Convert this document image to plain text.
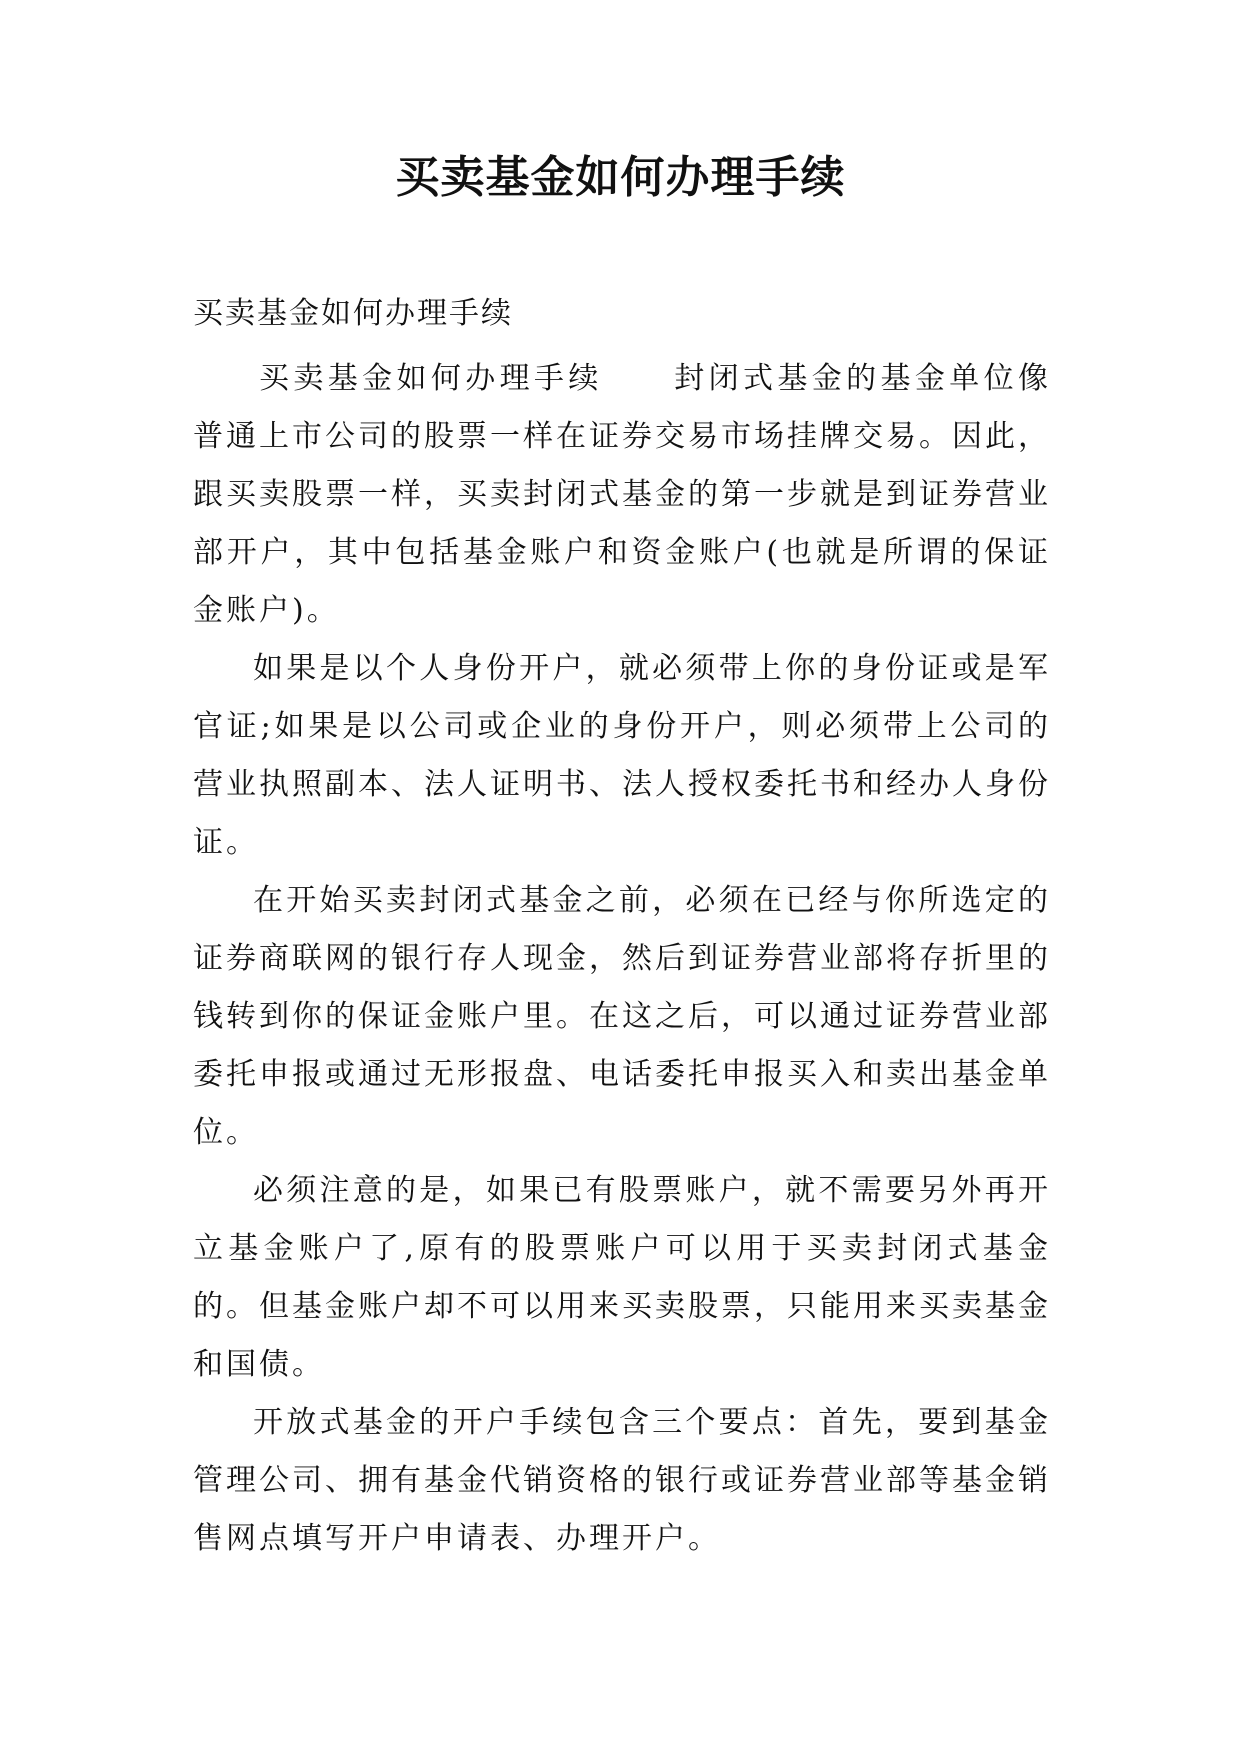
买卖基金如何办理手续

买卖基金如何办理手续

买卖基金如何办理手续 封闭式基金的基金单位像普通上市公司的股票一样在证券交易市场挂牌交易。因此，跟买卖股票一样，买卖封闭式基金的第一步就是到证券营业部开户，其中包括基金账户和资金账户(也就是所谓的保证金账户)。

如果是以个人身份开户，就必须带上你的身份证或是军官证;如果是以公司或企业的身份开户，则必须带上公司的营业执照副本、法人证明书、法人授权委托书和经办人身份证。

在开始买卖封闭式基金之前，必须在已经与你所选定的证券商联网的银行存人现金，然后到证券营业部将存折里的钱转到你的保证金账户里。在这之后，可以通过证券营业部委托申报或通过无形报盘、电话委托申报买入和卖出基金单位。

必须注意的是，如果已有股票账户，就不需要另外再开立基金账户了,原有的股票账户可以用于买卖封闭式基金的。但基金账户却不可以用来买卖股票，只能用来买卖基金和国债。

开放式基金的开户手续包含三个要点：首先，要到基金管理公司、拥有基金代销资格的银行或证券营业部等基金销售网点填写开户申请表、办理开户。
